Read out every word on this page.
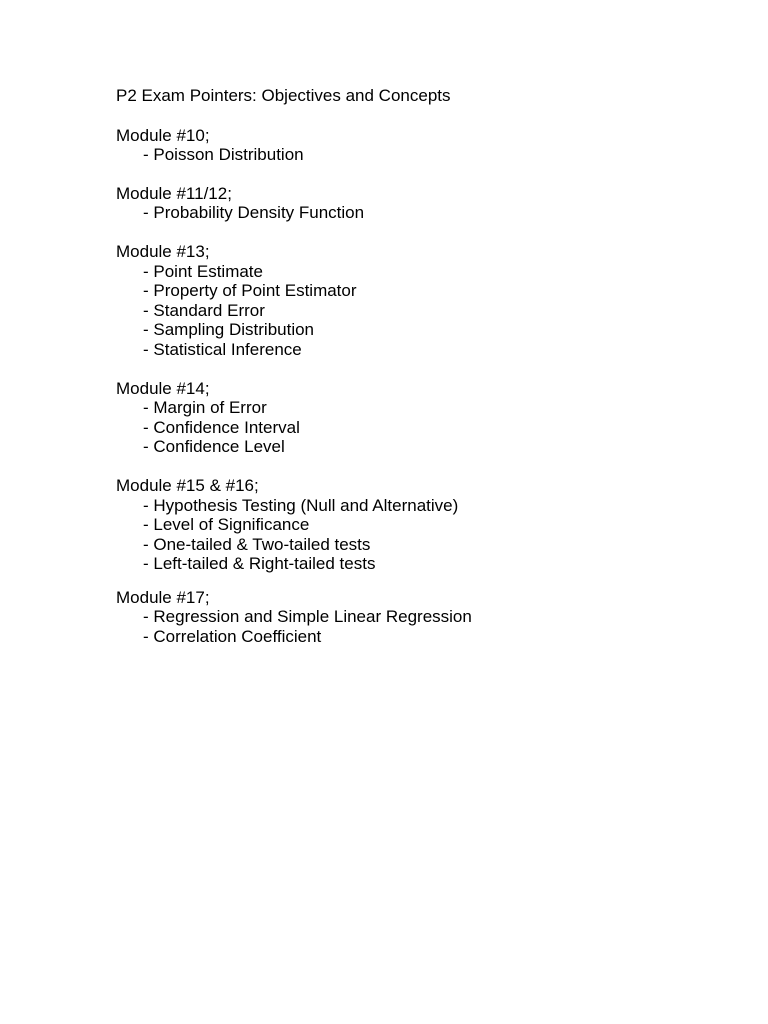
P2 Exam Pointers: Objectives and Concepts
Module #10;
- Poisson Distribution
Module #11/12;
- Probability Density Function
Module #13;
- Point Estimate
- Property of Point Estimator
- Standard Error
- Sampling Distribution
- Statistical Inference
Module #14;
- Margin of Error
- Confidence Interval
- Confidence Level
Module #15 & #16;
- Hypothesis Testing (Null and Alternative)
- Level of Significance
- One-tailed & Two-tailed tests
- Left-tailed & Right-tailed tests
Module #17;
- Regression and Simple Linear Regression
- Correlation Coefficient
